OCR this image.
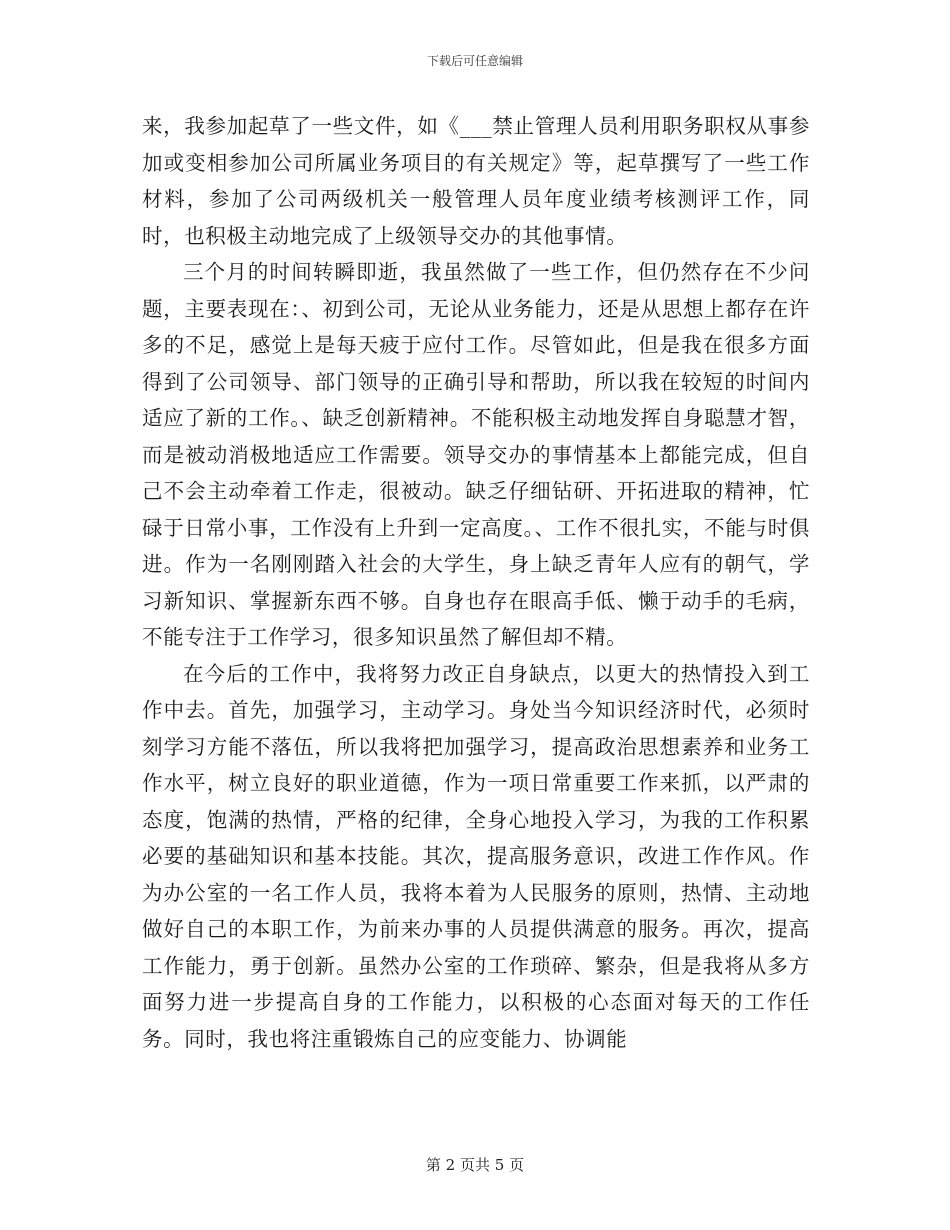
下载后可任意编辑

来，我参加起草了一些文件，如《___禁止管理人员利用职务职权从事参加或变相参加公司所属业务项目的有关规定》等，起草撰写了一些工作材料，参加了公司两级机关一般管理人员年度业绩考核测评工作，同时，也积极主动地完成了上级领导交办的其他事情。

三个月的时间转瞬即逝，我虽然做了一些工作，但仍然存在不少问题，主要表现在：、初到公司，无论从业务能力，还是从思想上都存在许多的不足，感觉上是每天疲于应付工作。尽管如此，但是我在很多方面得到了公司领导、部门领导的正确引导和帮助，所以我在较短的时间内适应了新的工作。、缺乏创新精神。不能积极主动地发挥自身聪慧才智，而是被动消极地适应工作需要。领导交办的事情基本上都能完成，但自己不会主动牵着工作走，很被动。缺乏仔细钻研、开拓进取的精神，忙碌于日常小事，工作没有上升到一定高度。、工作不很扎实，不能与时俱进。作为一名刚刚踏入社会的大学生，身上缺乏青年人应有的朝气，学习新知识、掌握新东西不够。自身也存在眼高手低、懒于动手的毛病，不能专注于工作学习，很多知识虽然了解但却不精。

在今后的工作中，我将努力改正自身缺点，以更大的热情投入到工作中去。首先，加强学习，主动学习。身处当今知识经济时代，必须时刻学习方能不落伍，所以我将把加强学习，提高政治思想素养和业务工作水平，树立良好的职业道德，作为一项日常重要工作来抓，以严肃的态度，饱满的热情，严格的纪律，全身心地投入学习，为我的工作积累必要的基础知识和基本技能。其次，提高服务意识，改进工作作风。作为办公室的一名工作人员，我将本着为人民服务的原则，热情、主动地做好自己的本职工作，为前来办事的人员提供满意的服务。再次，提高工作能力，勇于创新。虽然办公室的工作琐碎、繁杂，但是我将从多方面努力进一步提高自身的工作能力，以积极的心态面对每天的工作任务。同时，我也将注重锻炼自己的应变能力、协调能

第 2 页共 5 页
